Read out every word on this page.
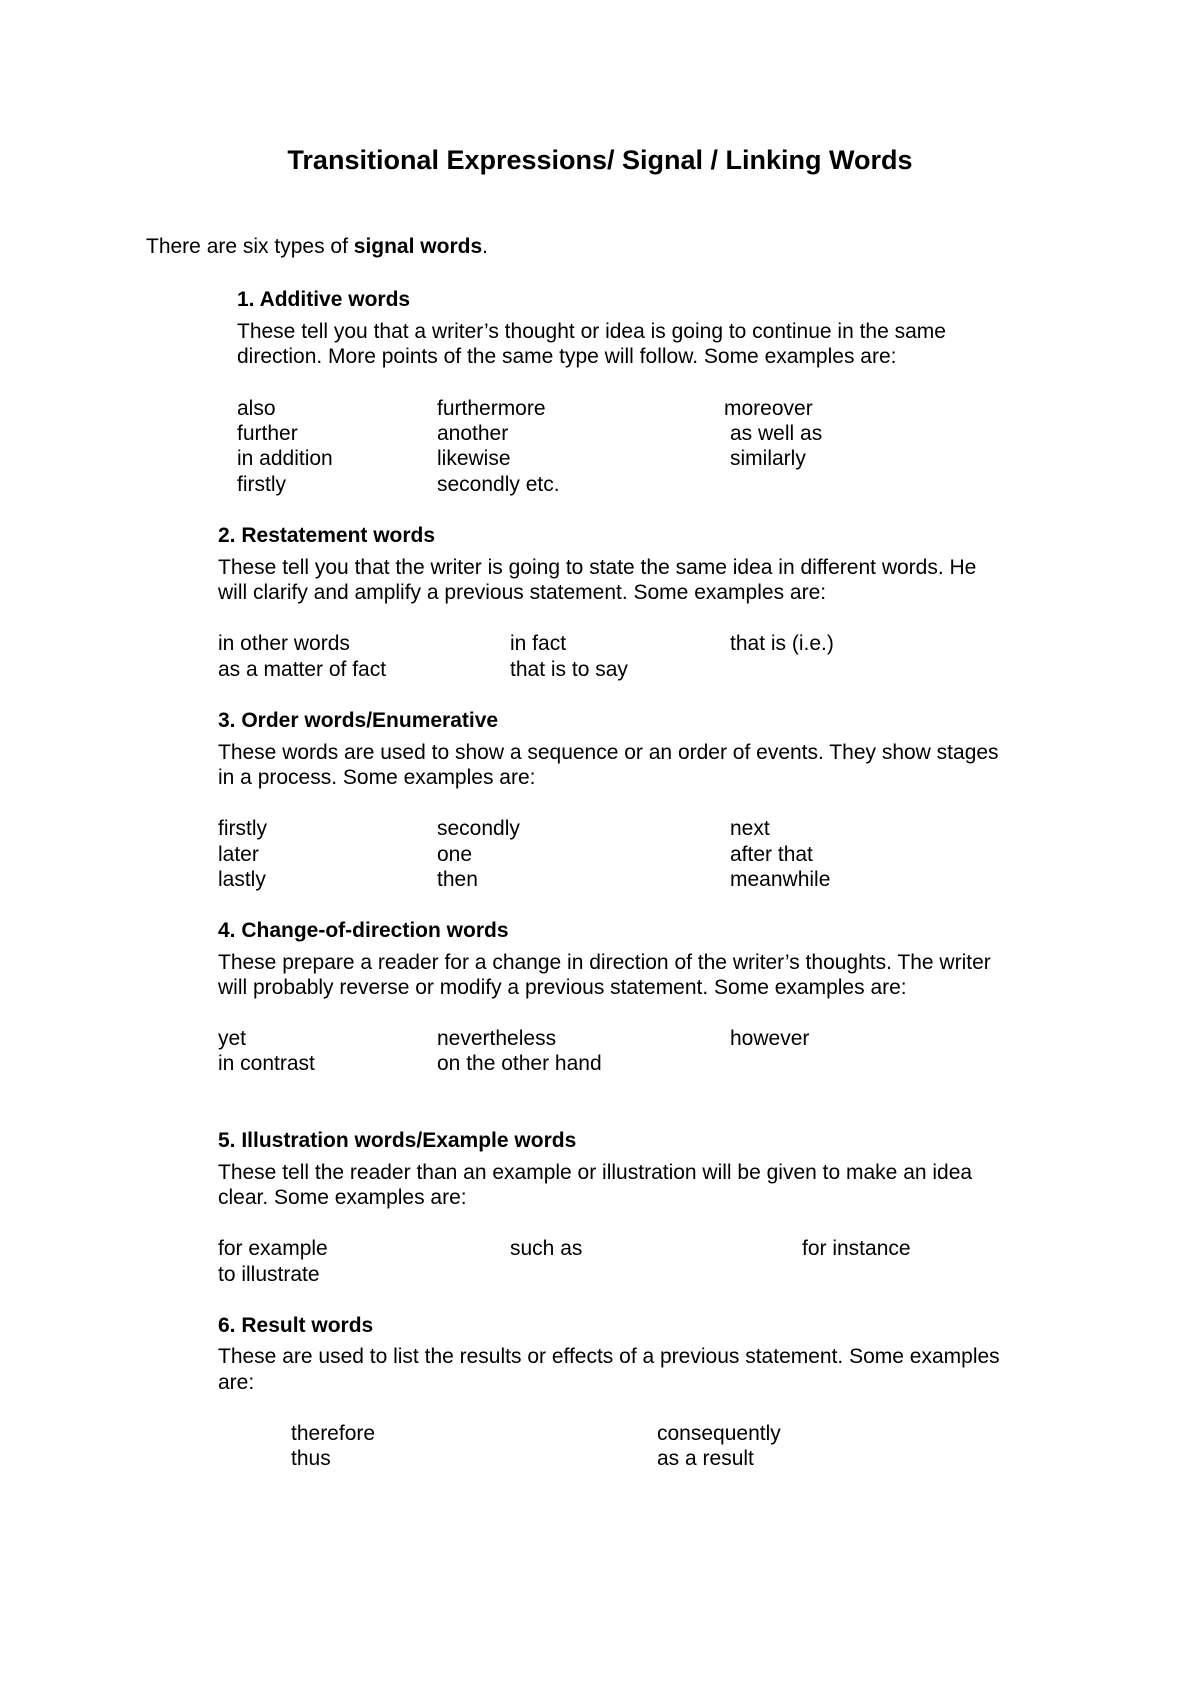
Transitional Expressions/ Signal / Linking Words
There are six types of signal words.
1. Additive words
These tell you that a writer’s thought or idea is going to continue in the same
direction. More points of the same type will follow. Some examples are:
also	furthermore	moreover
further	another	as well as
in addition	likewise	similarly
firstly	secondly etc.
2. Restatement words
These tell you that the writer is going to state the same idea in different words. He
will clarify and amplify a previous statement. Some examples are:
in other words	in fact	that is (i.e.)
as a matter of fact	that is to say
3. Order words/Enumerative
These words are used to show a sequence or an order of events. They show stages
in a process. Some examples are:
firstly	secondly	next
later	one	after that
lastly	then	meanwhile
4. Change-of-direction words
These prepare a reader for a change in direction of the writer’s thoughts. The writer
will probably reverse or modify a previous statement. Some examples are:
yet	nevertheless	however
in contrast	on the other hand
5. Illustration words/Example words
These tell the reader than an example or illustration will be given to make an idea
clear. Some examples are:
for example	such as	for instance
to illustrate
6. Result words
These are used to list the results or effects of a previous statement. Some examples
are:
therefore	consequently
thus	as a result
